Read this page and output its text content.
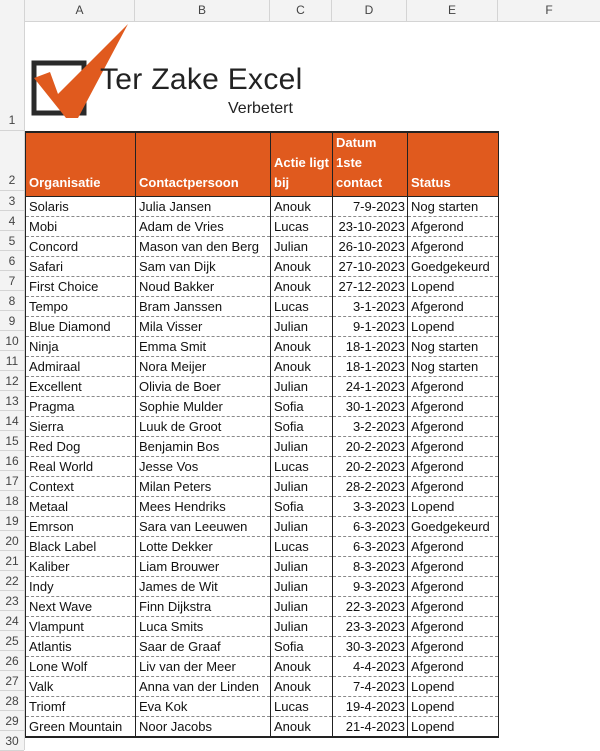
A	B	C	D	E	F
1
2
3
4
5
6
7
8
9
10
11
12
13
14
15
16
17
18
19
20
21
22
23
24
25
26
27
28
29
30
Ter Zake Excel
Verbetert
Organisatie	Contactpersoon	Actie ligt bij	Datum 1ste contact	Status
Solaris	Julia Jansen	Anouk	7-9-2023	Nog starten
Mobi	Adam de Vries	Lucas	23-10-2023	Afgerond
Concord	Mason van den Berg	Julian	26-10-2023	Afgerond
Safari	Sam van Dijk	Anouk	27-10-2023	Goedgekeurd
First Choice	Noud Bakker	Anouk	27-12-2023	Lopend
Tempo	Bram Janssen	Lucas	3-1-2023	Afgerond
Blue Diamond	Mila Visser	Julian	9-1-2023	Lopend
Ninja	Emma Smit	Anouk	18-1-2023	Nog starten
Admiraal	Nora Meijer	Anouk	18-1-2023	Nog starten
Excellent	Olivia de Boer	Julian	24-1-2023	Afgerond
Pragma	Sophie Mulder	Sofia	30-1-2023	Afgerond
Sierra	Luuk de Groot	Sofia	3-2-2023	Afgerond
Red Dog	Benjamin Bos	Julian	20-2-2023	Afgerond
Real World	Jesse Vos	Lucas	20-2-2023	Afgerond
Context	Milan Peters	Julian	28-2-2023	Afgerond
Metaal	Mees Hendriks	Sofia	3-3-2023	Lopend
Emrson	Sara van Leeuwen	Julian	6-3-2023	Goedgekeurd
Black Label	Lotte Dekker	Lucas	6-3-2023	Afgerond
Kaliber	Liam Brouwer	Julian	8-3-2023	Afgerond
Indy	James de Wit	Julian	9-3-2023	Afgerond
Next Wave	Finn Dijkstra	Julian	22-3-2023	Afgerond
Vlampunt	Luca Smits	Julian	23-3-2023	Afgerond
Atlantis	Saar de Graaf	Sofia	30-3-2023	Afgerond
Lone Wolf	Liv van der Meer	Anouk	4-4-2023	Afgerond
Valk	Anna van der Linden	Anouk	7-4-2023	Lopend
Triomf	Eva Kok	Lucas	19-4-2023	Lopend
Green Mountain	Noor Jacobs	Anouk	21-4-2023	Lopend
